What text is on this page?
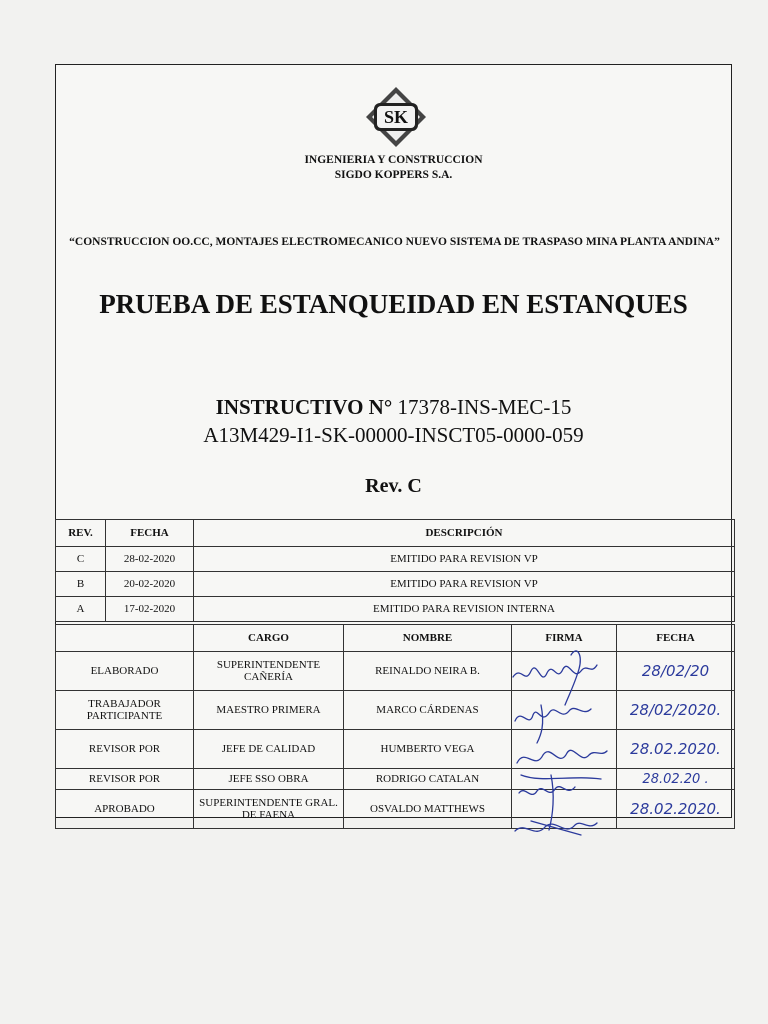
SK
INGENIERIA Y CONSTRUCCION
SIGDO KOPPERS S.A.
“CONSTRUCCION OO.CC, MONTAJES ELECTROMECANICO NUEVO SISTEMA DE TRASPASO MINA PLANTA ANDINA”
PRUEBA DE ESTANQUEIDAD EN ESTANQUES
INSTRUCTIVO N° 17378-INS-MEC-15
A13M429-I1-SK-00000-INSCT05-0000-059
Rev. C
REV.	FECHA	DESCRIPCIÓN
C	28-02-2020	EMITIDO PARA REVISION VP
B	20-02-2020	EMITIDO PARA REVISION VP
A	17-02-2020	EMITIDO PARA REVISION INTERNA
	CARGO	NOMBRE	FIRMA	FECHA
ELABORADO	SUPERINTENDENTE CAÑERÍA	REINALDO NEIRA B.		28/02/20
TRABAJADOR PARTICIPANTE	MAESTRO PRIMERA	MARCO CÁRDENAS		28/02/2020.
REVISOR POR	JEFE DE CALIDAD	HUMBERTO VEGA		28.02.2020.
REVISOR POR	JEFE SSO OBRA	RODRIGO CATALAN		28.02.20 .
APROBADO	SUPERINTENDENTE GRAL. DE FAENA	OSVALDO MATTHEWS		28.02.2020.
